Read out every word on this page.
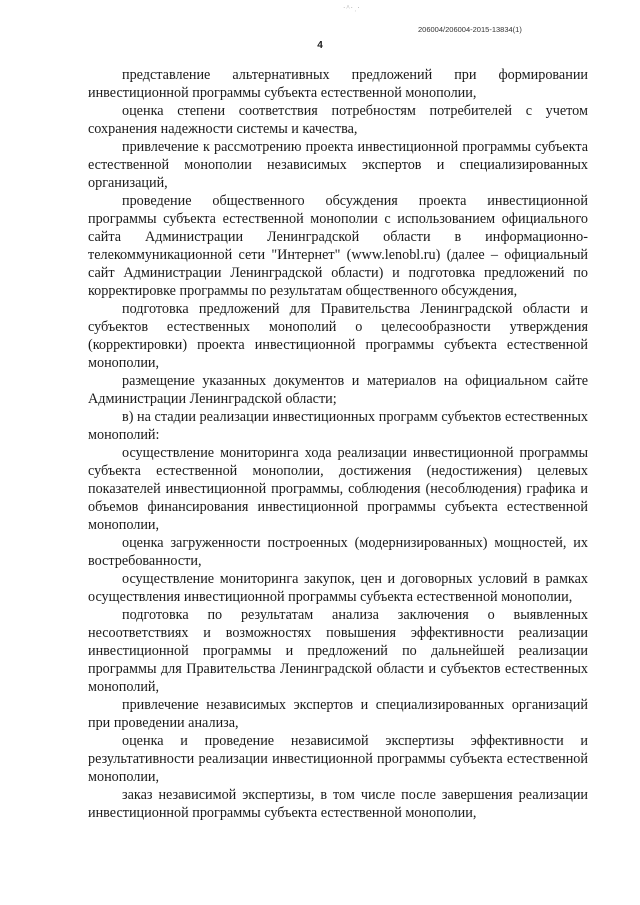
·^·ˌ·
206004/206004-2015-13834(1)
4

представление альтернативных предложений при формировании инвестиционной программы субъекта естественной монополии,

оценка степени соответствия потребностям потребителей с учетом сохранения надежности системы и качества,

привлечение к рассмотрению проекта инвестиционной программы субъекта естественной монополии независимых экспертов и специализированных организаций,

проведение общественного обсуждения проекта инвестиционной программы субъекта естественной монополии с использованием официального сайта Администрации Ленинградской области в информационно-телекоммуникационной сети "Интернет" (www.lenobl.ru) (далее – официальный сайт Администрации Ленинградской области) и подготовка предложений по корректировке программы по результатам общественного обсуждения,

подготовка предложений для Правительства Ленинградской области и субъектов естественных монополий о целесообразности утверждения (корректировки) проекта инвестиционной программы субъекта естественной монополии,

размещение указанных документов и материалов на официальном сайте Администрации Ленинградской области;

в) на стадии реализации инвестиционных программ субъектов естественных монополий:

осуществление мониторинга хода реализации инвестиционной программы субъекта естественной монополии, достижения (недостижения) целевых показателей инвестиционной программы, соблюдения (несоблюдения) графика и объемов финансирования инвестиционной программы субъекта естественной монополии,

оценка загруженности построенных (модернизированных) мощностей, их востребованности,

осуществление мониторинга закупок, цен и договорных условий в рамках осуществления инвестиционной программы субъекта естественной монополии,

подготовка по результатам анализа заключения о выявленных несоответствиях и возможностях повышения эффективности реализации инвестиционной программы и предложений по дальнейшей реализации программы для Правительства Ленинградской области и субъектов естественных монополий,

привлечение независимых экспертов и специализированных организаций при проведении анализа,

оценка и проведение независимой экспертизы эффективности и результативности реализации инвестиционной программы субъекта естественной монополии,

заказ независимой экспертизы, в том числе после завершения реализации инвестиционной программы субъекта естественной монополии,
